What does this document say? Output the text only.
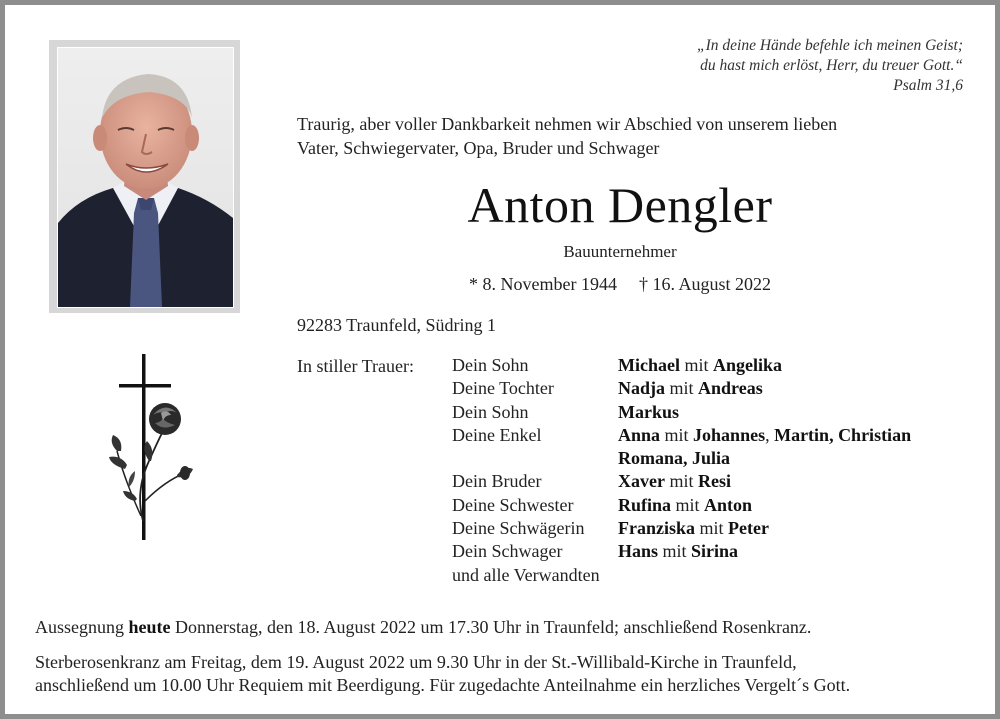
„In deine Hände befehle ich meinen Geist;
du hast mich erlöst, Herr, du treuer Gott.“
Psalm 31,6
Traurig, aber voller Dankbarkeit nehmen wir Abschied von unserem lieben
Vater, Schwiegervater, Opa, Bruder und Schwager
Anton Dengler
Bauunternehmer
* 8. November 1944 † 16. August 2022
92283 Traunfeld, Südring 1
In stiller Trauer: Dein Sohn	Michael mit Angelika
Deine Tochter	Nadja mit Andreas
Dein Sohn	Markus
Deine Enkel	Anna mit Johannes, Martin, Christian
Romana, Julia
Dein Bruder	Xaver mit Resi
Deine Schwester	Rufina mit Anton
Deine Schwägerin	Franziska mit Peter
Dein Schwager	Hans mit Sirina
und alle Verwandten
Aussegnung heute Donnerstag, den 18. August 2022 um 17.30 Uhr in Traunfeld; anschließend Rosenkranz.
Sterberosenkranz am Freitag, dem 19. August 2022 um 9.30 Uhr in der St.-Willibald-Kirche in Traunfeld,
anschließend um 10.00 Uhr Requiem mit Beerdigung. Für zugedachte Anteilnahme ein herzliches Vergelt´s Gott.
